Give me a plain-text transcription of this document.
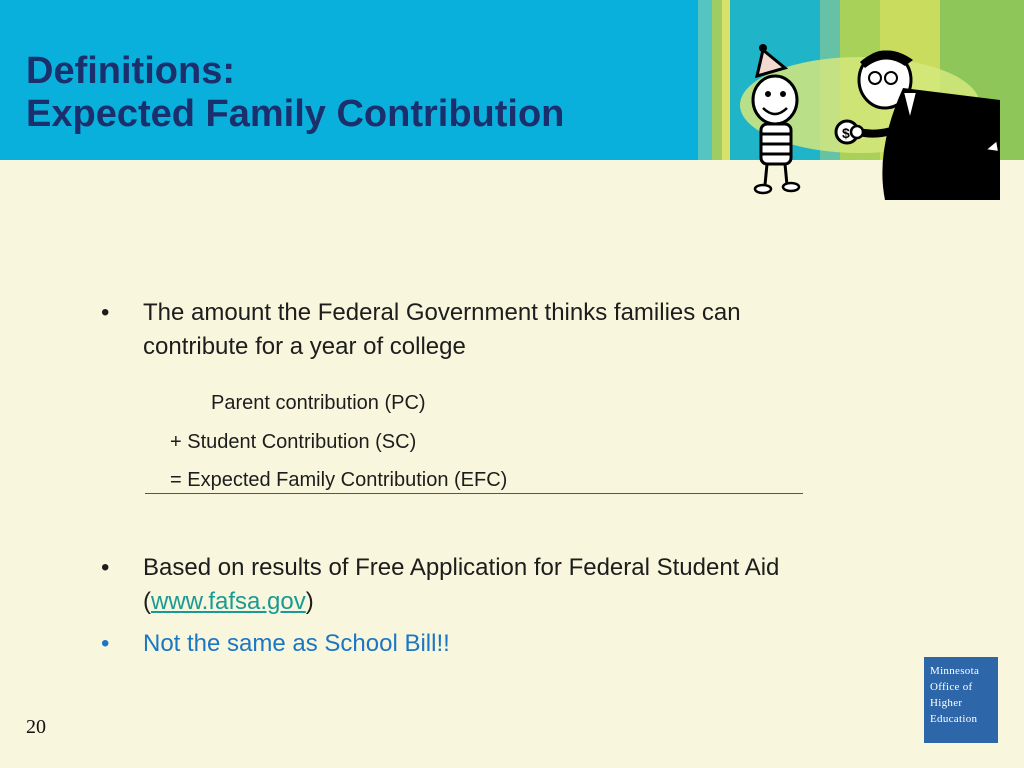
Definitions:
Expected Family Contribution	$
• The amount the Federal Government thinks families can
contribute for a year of college
Parent contribution (PC)
+ Student Contribution (SC)
= Expected Family Contribution (EFC)
• Based on results of Free Application for Federal Student Aid
(www.fafsa.gov)
• Not the same as School Bill!!
20
Minnesota
Office of
Higher
Education
